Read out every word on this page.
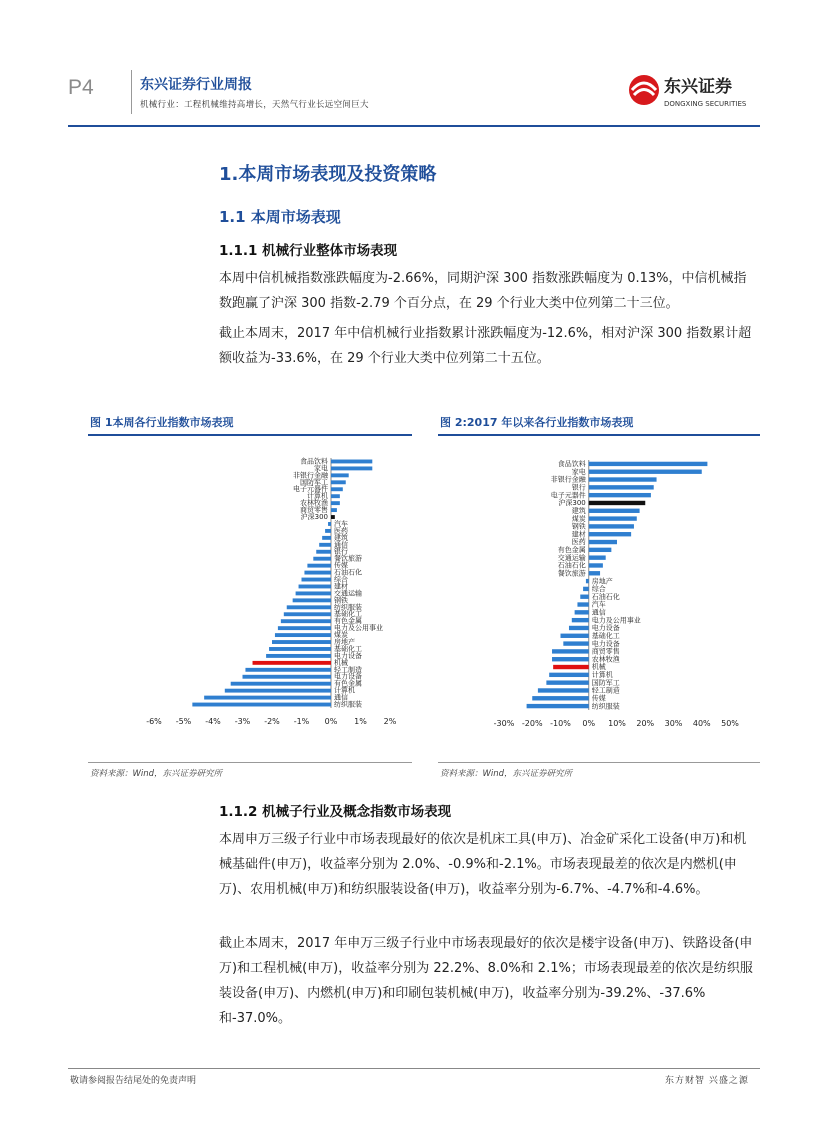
P4	东兴证券行业周报
机械行业：工程机械维持高增长，天然气行业长远空间巨大
东兴证券
DONGXING SECURITIES
1.本周市场表现及投资策略
1.1 本周市场表现
1.1.1 机械行业整体市场表现

本周中信机械指数涨跌幅度为-2.66%，同期沪深 300 指数涨跌幅度为 0.13%，中信机械指数跑赢了沪深 300 指数-2.79 个百分点，在 29 个行业大类中位列第二十三位。

截止本周末，2017 年中信机械行业指数累计涨跌幅度为-12.6%，相对沪深 300 指数累计超额收益为-33.6%，在 29 个行业大类中位列第二十五位。

图 1本周各行业指数市场表现
食品饮料
家电
非银行金融
国防军工
电子元器件
计算机
农林牧渔
商贸零售
沪深300
汽车
医药
建筑
通信
银行
餐饮旅游
传媒
石油石化
综合
建材
交通运输
钢铁
纺织服装
基础化工
有色金属
电力及公用事业
煤炭
房地产
基础化工
电力设备
机械
轻工制造
电力设备
有色金属
计算机
通信
纺织服装
-6% -5% -4% -3% -2% -1% 0% 1% 2%
资料来源：Wind，东兴证券研究所
图 2:2017 年以来各行业指数市场表现
食品饮料
家电
非银行金融
银行
电子元器件
沪深300
建筑
煤炭
钢铁
建材
医药
有色金属
交通运输
石油石化
餐饮旅游
房地产
综合
石油石化
汽车
通信
电力及公用事业
电力设备
基础化工
电力设备
商贸零售
农林牧渔
机械
计算机
国防军工
轻工制造
传媒
纺织服装
-30% -20% -10% 0% 10% 20% 30% 40% 50%
资料来源：Wind，东兴证券研究所
1.1.2 机械子行业及概念指数市场表现

本周申万三级子行业中市场表现最好的依次是机床工具(申万)、冶金矿采化工设备(申万)和机械基础件(申万)，收益率分别为 2.0%、-0.9%和-2.1%。市场表现最差的依次是内燃机(申万)、农用机械(申万)和纺织服装设备(申万)，收益率分别为-6.7%、-4.7%和-4.6%。

截止本周末，2017 年申万三级子行业中市场表现最好的依次是楼宇设备(申万)、铁路设备(申万)和工程机械(申万)，收益率分别为 22.2%、8.0%和 2.1%；市场表现最差的依次是纺织服装设备(申万)、内燃机(申万)和印刷包装机械(申万)，收益率分别为-39.2%、-37.6%和-37.0%。

敬请参阅报告结尾处的免责声明	东方财智 兴盛之源
